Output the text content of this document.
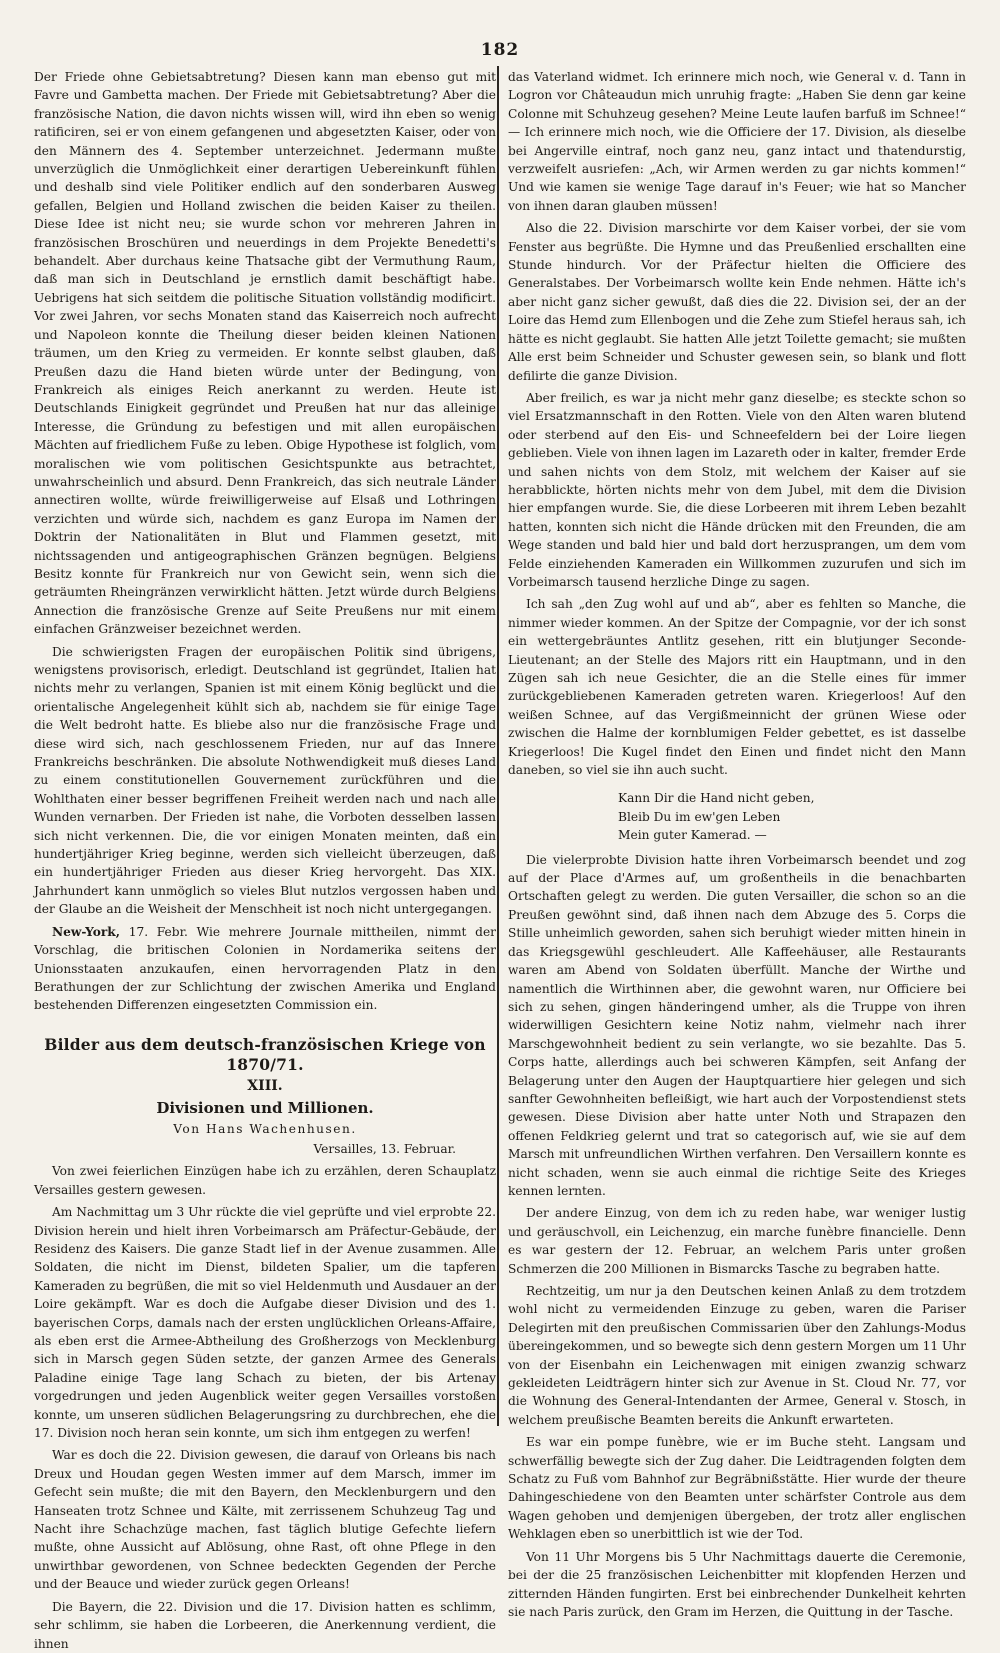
182

Der Friede ohne Gebietsabtretung? Diesen kann man ebenso gut mit Favre und Gambetta machen. Der Friede mit Gebietsabtretung? Aber die französische Nation, die davon nichts wissen will, wird ihn eben so wenig ratificiren, sei er von einem gefangenen und abgesetzten Kaiser, oder von den Männern des 4. September unterzeichnet. Jedermann mußte unverzüglich die Unmöglichkeit einer derartigen Uebereinkunft fühlen und deshalb sind viele Politiker endlich auf den sonderbaren Ausweg gefallen, Belgien und Holland zwischen die beiden Kaiser zu theilen. Diese Idee ist nicht neu; sie wurde schon vor mehreren Jahren in französischen Broschüren und neuerdings in dem Projekte Benedetti's behandelt. Aber durchaus keine Thatsache gibt der Vermuthung Raum, daß man sich in Deutschland je ernstlich damit beschäftigt habe. Uebrigens hat sich seitdem die politische Situation vollständig modificirt. Vor zwei Jahren, vor sechs Monaten stand das Kaiserreich noch aufrecht und Napoleon konnte die Theilung dieser beiden kleinen Nationen träumen, um den Krieg zu vermeiden. Er konnte selbst glauben, daß Preußen dazu die Hand bieten würde unter der Bedingung, von Frankreich als einiges Reich anerkannt zu werden. Heute ist Deutschlands Einigkeit gegründet und Preußen hat nur das alleinige Interesse, die Gründung zu befestigen und mit allen europäischen Mächten auf friedlichem Fuße zu leben. Obige Hypothese ist folglich, vom moralischen wie vom politischen Gesichtspunkte aus betrachtet, unwahrscheinlich und absurd. Denn Frankreich, das sich neutrale Länder annectiren wollte, würde freiwilligerweise auf Elsaß und Lothringen verzichten und würde sich, nachdem es ganz Europa im Namen der Doktrin der Nationalitäten in Blut und Flammen gesetzt, mit nichtssagenden und antigeographischen Gränzen begnügen. Belgiens Besitz konnte für Frankreich nur von Gewicht sein, wenn sich die geträumten Rheingränzen verwirklicht hätten. Jetzt würde durch Belgiens Annection die französische Grenze auf Seite Preußens nur mit einem einfachen Gränzweiser bezeichnet werden.

Die schwierigsten Fragen der europäischen Politik sind übrigens, wenigstens provisorisch, erledigt. Deutschland ist gegründet, Italien hat nichts mehr zu verlangen, Spanien ist mit einem König beglückt und die orientalische Angelegenheit kühlt sich ab, nachdem sie für einige Tage die Welt bedroht hatte. Es bliebe also nur die französische Frage und diese wird sich, nach geschlossenem Frieden, nur auf das Innere Frankreichs beschränken. Die absolute Nothwendigkeit muß dieses Land zu einem constitutionellen Gouvernement zurückführen und die Wohlthaten einer besser begriffenen Freiheit werden nach und nach alle Wunden vernarben. Der Frieden ist nahe, die Vorboten desselben lassen sich nicht verkennen. Die, die vor einigen Monaten meinten, daß ein hundertjähriger Krieg beginne, werden sich vielleicht überzeugen, daß ein hundertjähriger Frieden aus dieser Krieg hervorgeht. Das XIX. Jahrhundert kann unmöglich so vieles Blut nutzlos vergossen haben und der Glaube an die Weisheit der Menschheit ist noch nicht untergegangen.

New-York, 17. Febr. Wie mehrere Journale mittheilen, nimmt der Vorschlag, die britischen Colonien in Nordamerika seitens der Unionsstaaten anzukaufen, einen hervorragenden Platz in den Berathungen der zur Schlichtung der zwischen Amerika und England bestehenden Differenzen eingesetzten Commission ein.

Bilder aus dem deutsch-französischen Kriege von 1870/71.

XIII.

Divisionen und Millionen.

Von Hans Wachenhusen.

Versailles, 13. Februar.

Von zwei feierlichen Einzügen habe ich zu erzählen, deren Schauplatz Versailles gestern gewesen.

Am Nachmittag um 3 Uhr rückte die viel geprüfte und viel erprobte 22. Division herein und hielt ihren Vorbeimarsch am Präfectur-Gebäude, der Residenz des Kaisers. Die ganze Stadt lief in der Avenue zusammen. Alle Soldaten, die nicht im Dienst, bildeten Spalier, um die tapferen Kameraden zu begrüßen, die mit so viel Heldenmuth und Ausdauer an der Loire gekämpft. War es doch die Aufgabe dieser Division und des 1. bayerischen Corps, damals nach der ersten unglücklichen Orleans-Affaire, als eben erst die Armee-Abtheilung des Großherzogs von Mecklenburg sich in Marsch gegen Süden setzte, der ganzen Armee des Generals Paladine einige Tage lang Schach zu bieten, der bis Artenay vorgedrungen und jeden Augenblick weiter gegen Versailles vorstoßen konnte, um unseren südlichen Belagerungsring zu durchbrechen, ehe die 17. Division noch heran sein konnte, um sich ihm entgegen zu werfen!

War es doch die 22. Division gewesen, die darauf von Orleans bis nach Dreux und Houdan gegen Westen immer auf dem Marsch, immer im Gefecht sein mußte; die mit den Bayern, den Mecklenburgern und den Hanseaten trotz Schnee und Kälte, mit zerrissenem Schuhzeug Tag und Nacht ihre Schachzüge machen, fast täglich blutige Gefechte liefern mußte, ohne Aussicht auf Ablösung, ohne Rast, oft ohne Pflege in den unwirthbar gewordenen, von Schnee bedeckten Gegenden der Perche und der Beauce und wieder zurück gegen Orleans!

Die Bayern, die 22. Division und die 17. Division hatten es schlimm, sehr schlimm, sie haben die Lorbeeren, die Anerkennung verdient, die ihnen

das Vaterland widmet. Ich erinnere mich noch, wie General v. d. Tann in Logron vor Châteaudun mich unruhig fragte: „Haben Sie denn gar keine Colonne mit Schuhzeug gesehen? Meine Leute laufen barfuß im Schnee!“ — Ich erinnere mich noch, wie die Officiere der 17. Division, als dieselbe bei Angerville eintraf, noch ganz neu, ganz intact und thatendurstig, verzweifelt ausriefen: „Ach, wir Armen werden zu gar nichts kommen!“ Und wie kamen sie wenige Tage darauf in's Feuer; wie hat so Mancher von ihnen daran glauben müssen!

Also die 22. Division marschirte vor dem Kaiser vorbei, der sie vom Fenster aus begrüßte. Die Hymne und das Preußenlied erschallten eine Stunde hindurch. Vor der Präfectur hielten die Officiere des Generalstabes. Der Vorbeimarsch wollte kein Ende nehmen. Hätte ich's aber nicht ganz sicher gewußt, daß dies die 22. Division sei, der an der Loire das Hemd zum Ellenbogen und die Zehe zum Stiefel heraus sah, ich hätte es nicht geglaubt. Sie hatten Alle jetzt Toilette gemacht; sie mußten Alle erst beim Schneider und Schuster gewesen sein, so blank und flott defilirte die ganze Division.

Aber freilich, es war ja nicht mehr ganz dieselbe; es steckte schon so viel Ersatzmannschaft in den Rotten. Viele von den Alten waren blutend oder sterbend auf den Eis- und Schneefeldern bei der Loire liegen geblieben. Viele von ihnen lagen im Lazareth oder in kalter, fremder Erde und sahen nichts von dem Stolz, mit welchem der Kaiser auf sie herabblickte, hörten nichts mehr von dem Jubel, mit dem die Division hier empfangen wurde. Sie, die diese Lorbeeren mit ihrem Leben bezahlt hatten, konnten sich nicht die Hände drücken mit den Freunden, die am Wege standen und bald hier und bald dort herzusprangen, um dem vom Felde einziehenden Kameraden ein Willkommen zuzurufen und sich im Vorbeimarsch tausend herzliche Dinge zu sagen.

Ich sah „den Zug wohl auf und ab“, aber es fehlten so Manche, die nimmer wieder kommen. An der Spitze der Compagnie, vor der ich sonst ein wettergebräuntes Antlitz gesehen, ritt ein blutjunger Seconde-Lieutenant; an der Stelle des Majors ritt ein Hauptmann, und in den Zügen sah ich neue Gesichter, die an die Stelle eines für immer zurückgebliebenen Kameraden getreten waren. Kriegerloos! Auf den weißen Schnee, auf das Vergißmeinnicht der grünen Wiese oder zwischen die Halme der kornblumigen Felder gebettet, es ist dasselbe Kriegerloos! Die Kugel findet den Einen und findet nicht den Mann daneben, so viel sie ihn auch sucht.

Kann Dir die Hand nicht geben,
Bleib Du im ew'gen Leben
Mein guter Kamerad. —

Die vielerprobte Division hatte ihren Vorbeimarsch beendet und zog auf der Place d'Armes auf, um großentheils in die benachbarten Ortschaften gelegt zu werden. Die guten Versailler, die schon so an die Preußen gewöhnt sind, daß ihnen nach dem Abzuge des 5. Corps die Stille unheimlich geworden, sahen sich beruhigt wieder mitten hinein in das Kriegsgewühl geschleudert. Alle Kaffeehäuser, alle Restaurants waren am Abend von Soldaten überfüllt. Manche der Wirthe und namentlich die Wirthinnen aber, die gewohnt waren, nur Officiere bei sich zu sehen, gingen händeringend umher, als die Truppe von ihren widerwilligen Gesichtern keine Notiz nahm, vielmehr nach ihrer Marschgewohnheit bedient zu sein verlangte, wo sie bezahlte. Das 5. Corps hatte, allerdings auch bei schweren Kämpfen, seit Anfang der Belagerung unter den Augen der Hauptquartiere hier gelegen und sich sanfter Gewohnheiten befleißigt, wie hart auch der Vorpostendienst stets gewesen. Diese Division aber hatte unter Noth und Strapazen den offenen Feldkrieg gelernt und trat so categorisch auf, wie sie auf dem Marsch mit unfreundlichen Wirthen verfahren. Den Versaillern konnte es nicht schaden, wenn sie auch einmal die richtige Seite des Krieges kennen lernten.

Der andere Einzug, von dem ich zu reden habe, war weniger lustig und geräuschvoll, ein Leichenzug, ein marche funèbre financielle. Denn es war gestern der 12. Februar, an welchem Paris unter großen Schmerzen die 200 Millionen in Bismarcks Tasche zu begraben hatte.

Rechtzeitig, um nur ja den Deutschen keinen Anlaß zu dem trotzdem wohl nicht zu vermeidenden Einzuge zu geben, waren die Pariser Delegirten mit den preußischen Commissarien über den Zahlungs-Modus übereingekommen, und so bewegte sich denn gestern Morgen um 11 Uhr von der Eisenbahn ein Leichenwagen mit einigen zwanzig schwarz gekleideten Leidträgern hinter sich zur Avenue in St. Cloud Nr. 77, vor die Wohnung des General-Intendanten der Armee, General v. Stosch, in welchem preußische Beamten bereits die Ankunft erwarteten.

Es war ein pompe funèbre, wie er im Buche steht. Langsam und schwerfällig bewegte sich der Zug daher. Die Leidtragenden folgten dem Schatz zu Fuß vom Bahnhof zur Begräbnißstätte. Hier wurde der theure Dahingeschiedene von den Beamten unter schärfster Controle aus dem Wagen gehoben und demjenigen übergeben, der trotz aller englischen Wehklagen eben so unerbittlich ist wie der Tod.

Von 11 Uhr Morgens bis 5 Uhr Nachmittags dauerte die Ceremonie, bei der die 25 französischen Leichenbitter mit klopfenden Herzen und zitternden Händen fungirten. Erst bei einbrechender Dunkelheit kehrten sie nach Paris zurück, den Gram im Herzen, die Quittung in der Tasche.
